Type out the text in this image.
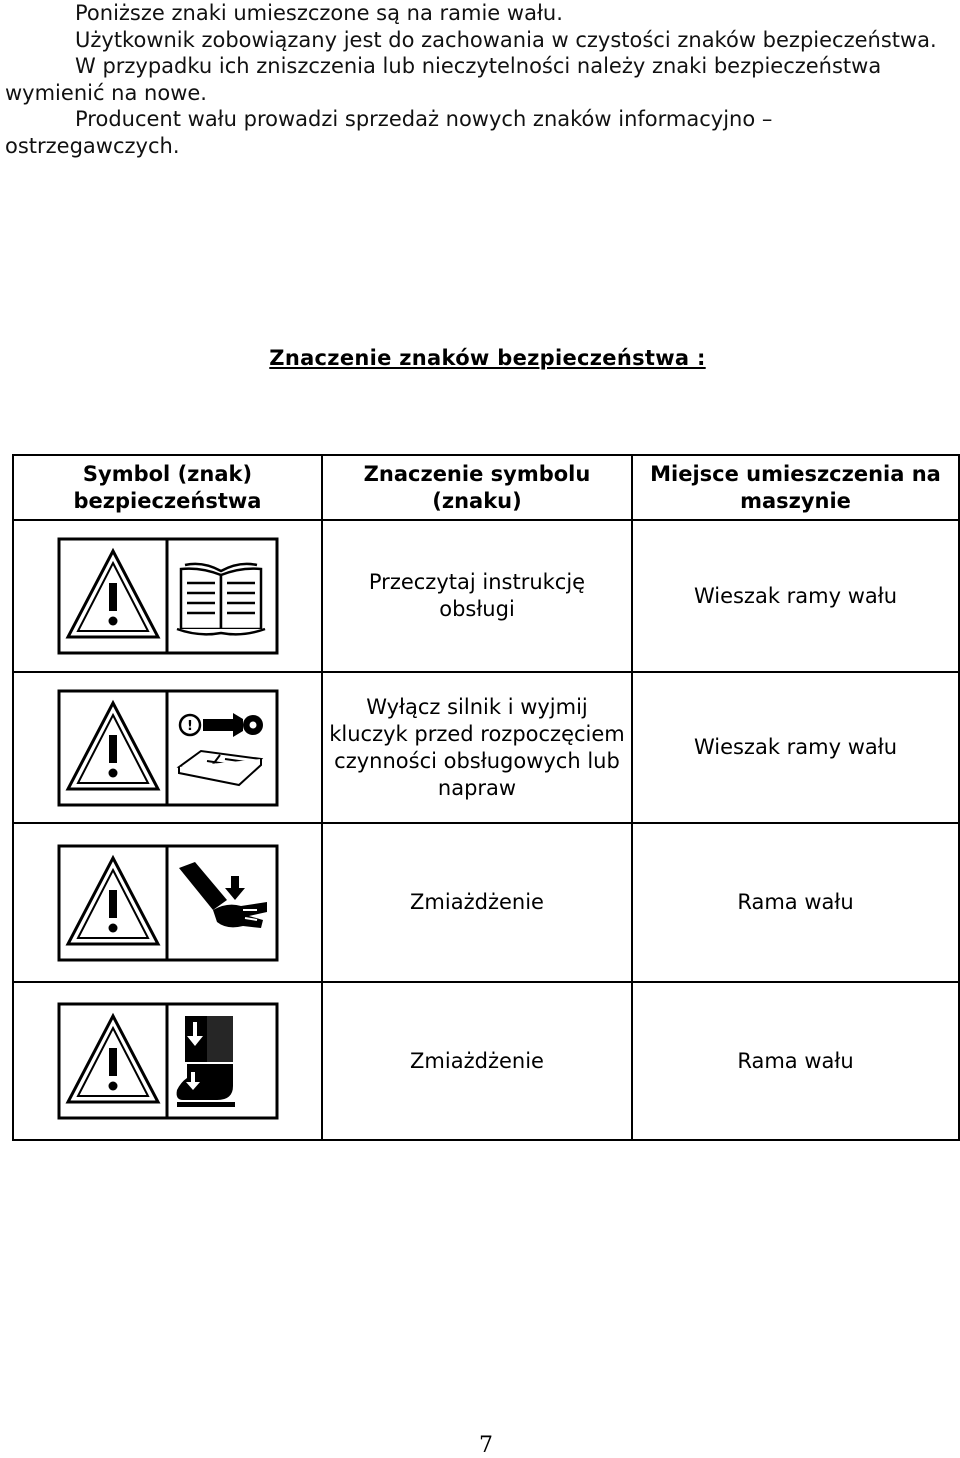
Poniższe znaki umieszczone są na ramie wału.

Użytkownik zobowiązany jest do zachowania w czystości znaków bezpieczeństwa.

W przypadku ich zniszczenia lub nieczytelności należy znaki bezpieczeństwa wymienić na nowe.

Producent wału prowadzi sprzedaż nowych znaków informacyjno – ostrzegawczych.

Znaczenie znaków bezpieczeństwa :
Symbol (znak) bezpieczeństwa	Znaczenie symbolu (znaku)	Miejsce umieszczenia na maszynie

	Przeczytaj instrukcję obsługi	Wieszak ramy wału

!	Wyłącz silnik i wyjmij kluczyk przed rozpoczęciem czynności obsługowych lub napraw	Wieszak ramy wału

	Zmiażdżenie	Rama wału

	Zmiażdżenie	Rama wału
7
